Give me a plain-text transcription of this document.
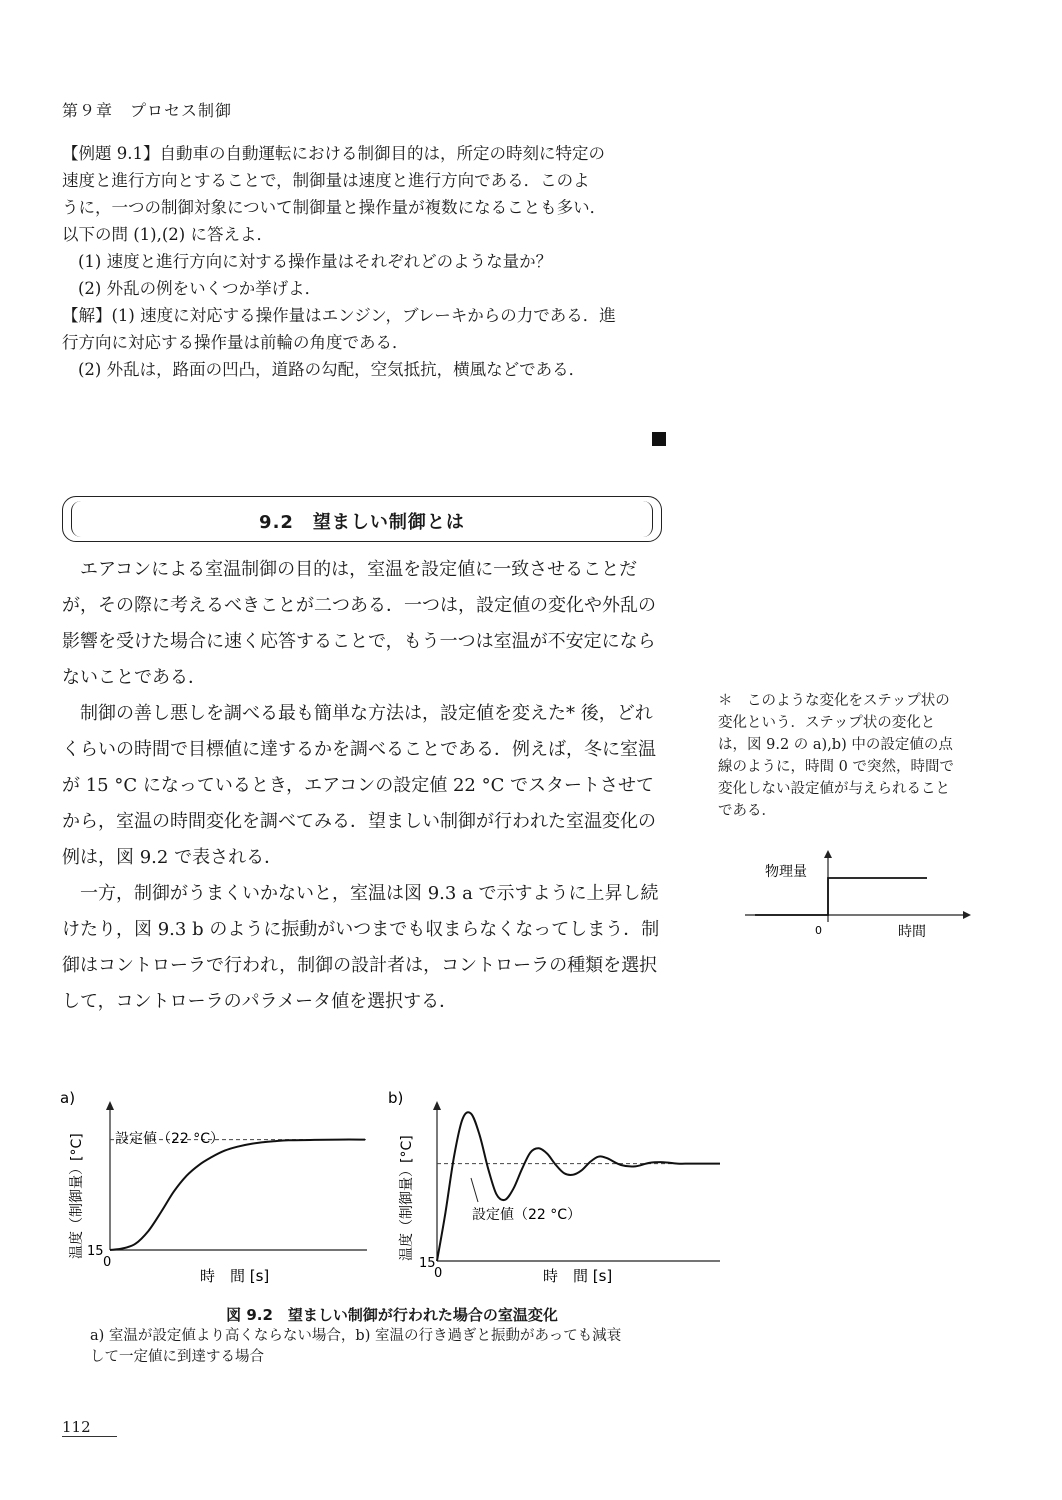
第９章　プロセス制御

【例題 9.1】自動車の自動運転における制御目的は，所定の時刻に特定の

速度と進行方向とすることで，制御量は速度と進行方向である．このよ

うに，一つの制御対象について制御量と操作量が複数になることも多い．

以下の問 (1),(2) に答えよ．

(1) 速度と進行方向に対する操作量はそれぞれどのような量か？

(2) 外乱の例をいくつか挙げよ．

【解】(1) 速度に対応する操作量はエンジン，ブレーキからの力である．進

行方向に対応する操作量は前輪の角度である．

(2) 外乱は，路面の凹凸，道路の勾配，空気抵抗，横風などである．

9.2　望ましい制御とは

エアコンによる室温制御の目的は，室温を設定値に一致させることだが，その際に考えるべきことが二つある．一つは，設定値の変化や外乱の影響を受けた場合に速く応答することで，もう一つは室温が不安定にならないことである．

制御の善し悪しを調べる最も簡単な方法は，設定値を変えた* 後，どれくらいの時間で目標値に達するかを調べることである．例えば，冬に室温が 15 °C になっているとき，エアコンの設定値 22 °C でスタートさせてから，室温の時間変化を調べてみる．望ましい制御が行われた室温変化の例は，図 9.2 で表される．

一方，制御がうまくいかないと，室温は図 9.3 a で示すように上昇し続けたり，図 9.3 b のように振動がいつまでも収まらなくなってしまう．制御はコントローラで行われ，制御の設計者は，コントローラの種類を選択して，コントローラのパラメータ値を選択する．

＊　このような変化をステップ状の変化という．ステップ状の変化とは，図 9.2 の a),b) 中の設定値の点線のように，時間 0 で突然，時間で変化しない設定値が与えられることである．
物理量
0	時間
a)
温度（制御量）[°C] 設定値（22 °C）
15
0
時　間 [s]
b)
温度（制御量）[°C]	設定値（22 °C）
15
0	時　間 [s]
図 9.2　望ましい制御が行われた場合の室温変化
a) 室温が設定値より高くならない場合，b) 室温の行き過ぎと振動があっても減衰
して一定値に到達する場合
112
